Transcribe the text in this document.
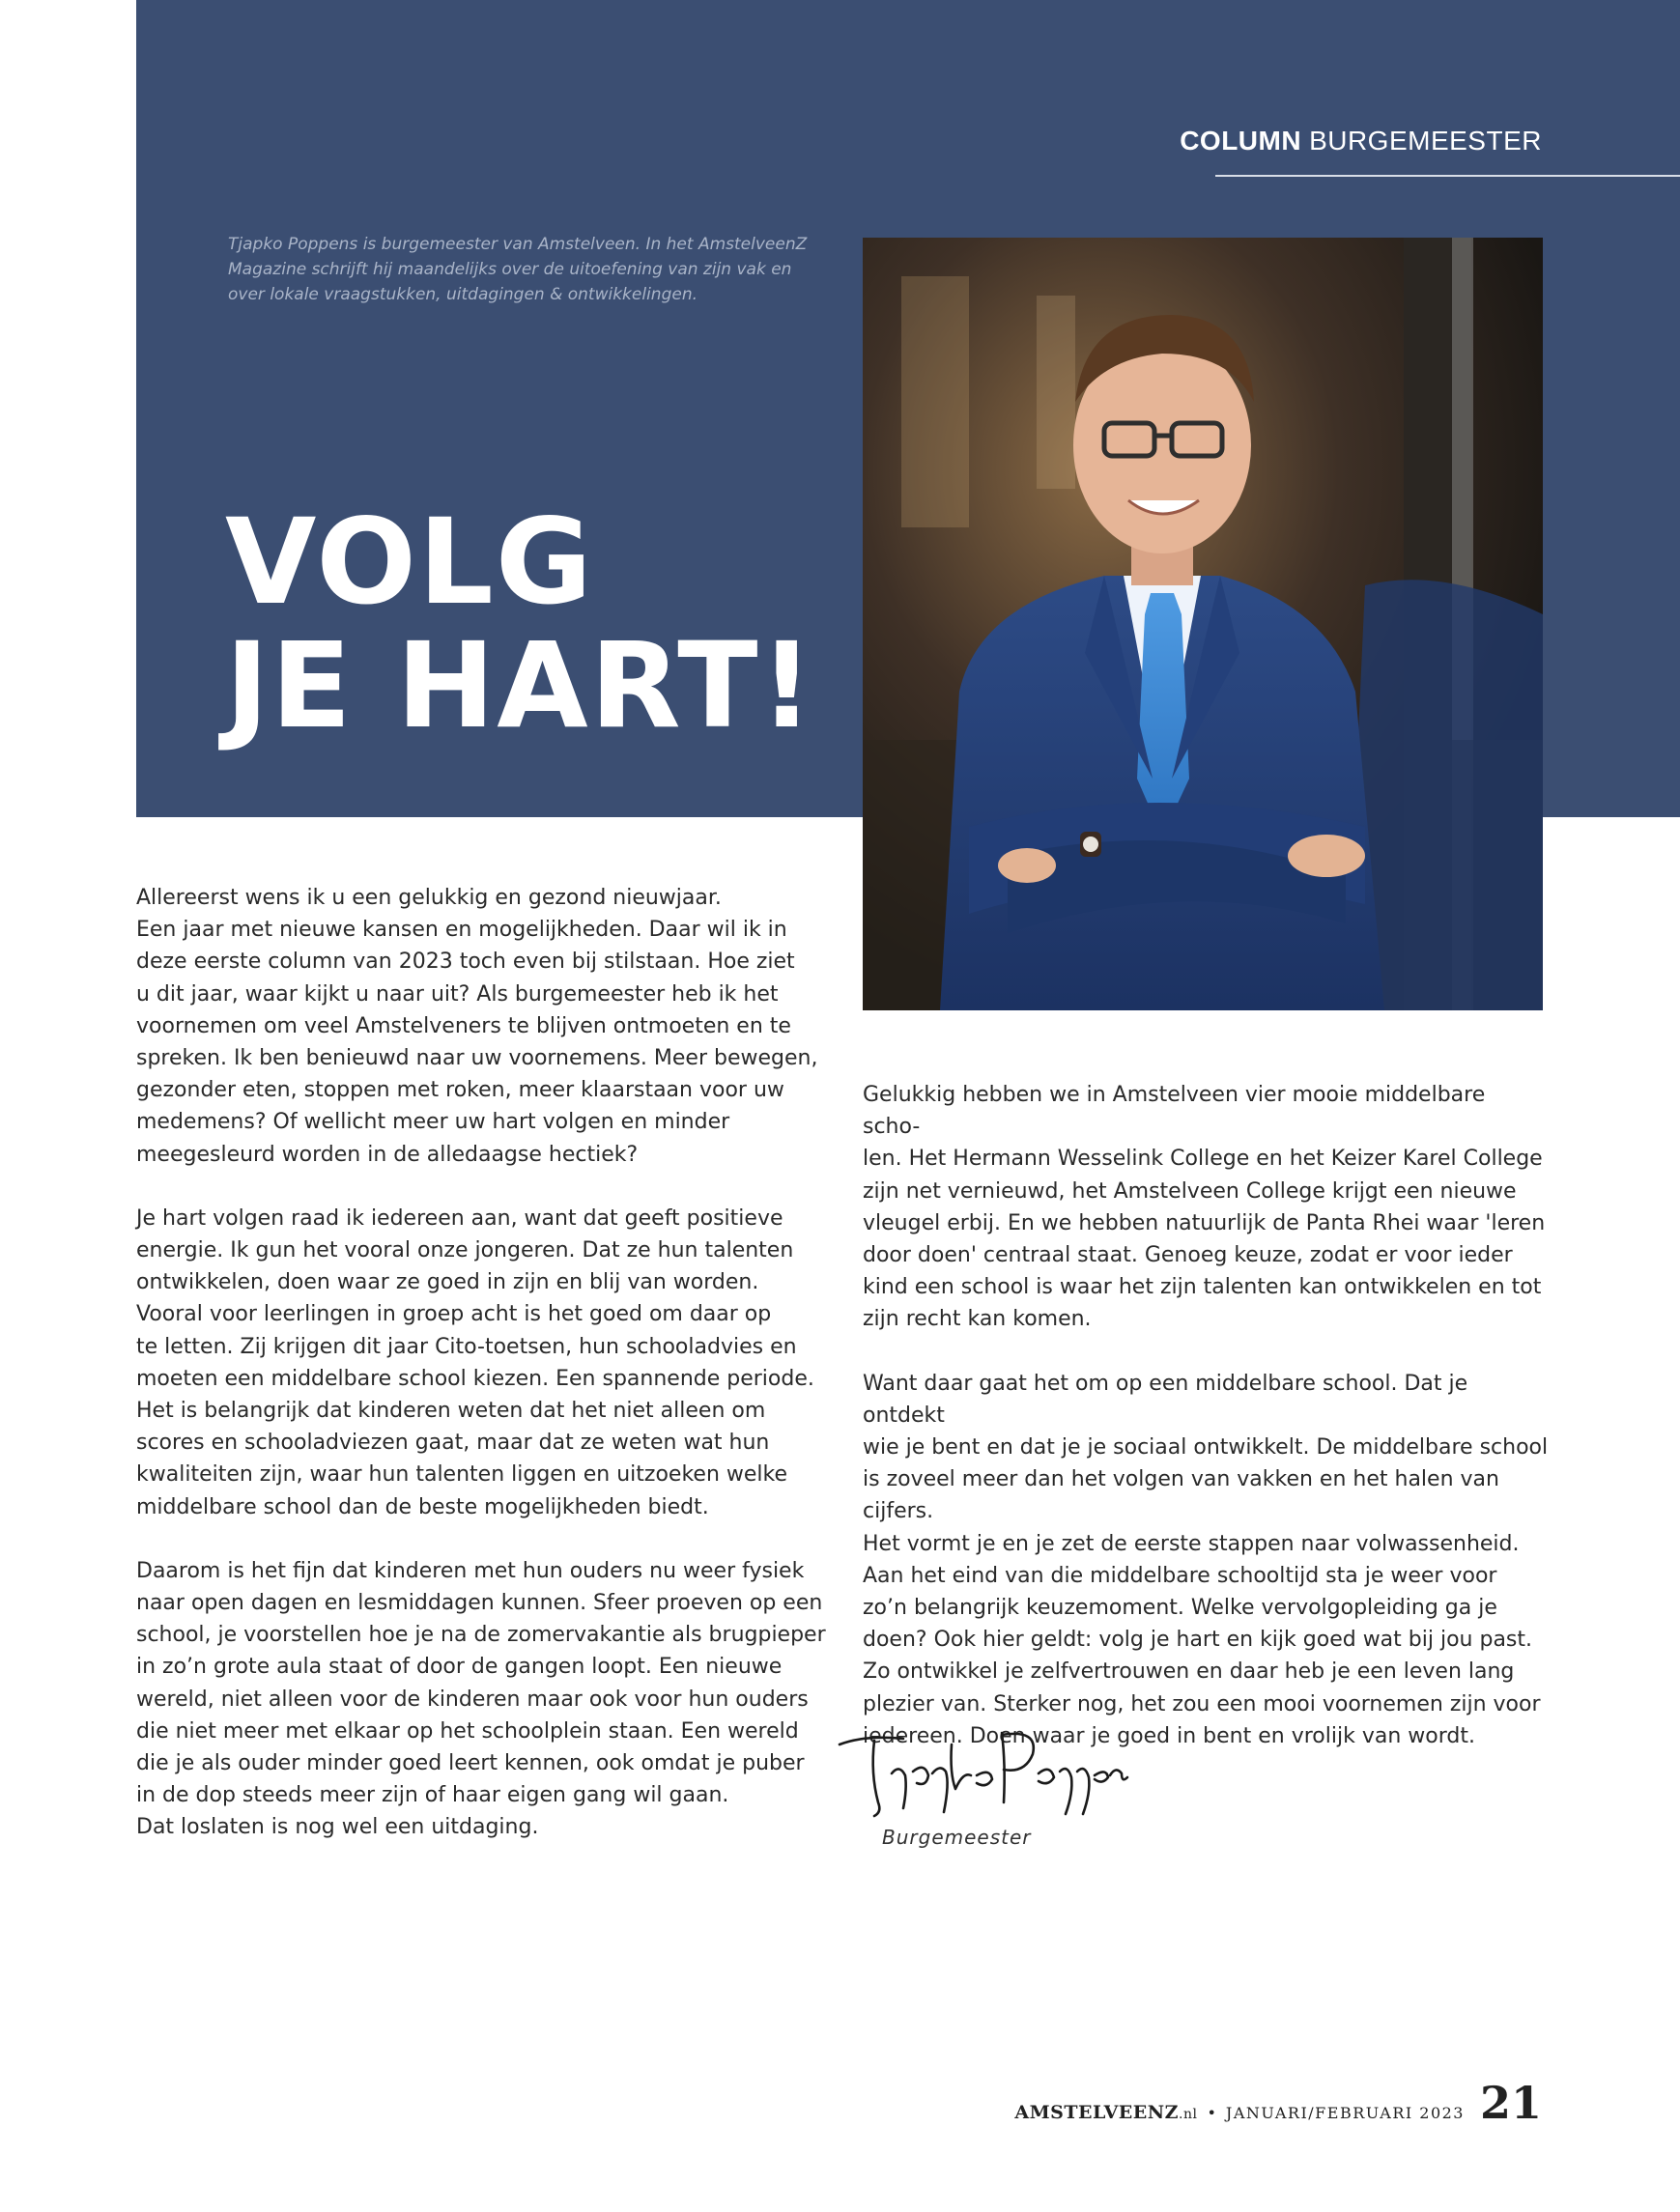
COLUMN BURGEMEESTER
Tjapko Poppens is burgemeester van Amstelveen. In het AmstelveenZ Magazine schrijft hij maandelijks over de uitoefening van zijn vak en over lokale vraagstukken, uitdagingen & ontwikkelingen.
VOLG
JE HART!

Allereerst wens ik u een gelukkig en gezond nieuwjaar.
Een jaar met nieuwe kansen en mogelijkheden. Daar wil ik in
deze eerste column van 2023 toch even bij stilstaan. Hoe ziet
u dit jaar, waar kijkt u naar uit? Als burgemeester heb ik het
voornemen om veel Amstelveners te blijven ontmoeten en te
spreken. Ik ben benieuwd naar uw voornemens. Meer bewegen,
gezonder eten, stoppen met roken, meer klaarstaan voor uw
medemens? Of wellicht meer uw hart volgen en minder
meegesleurd worden in de alledaagse hectiek?

Je hart volgen raad ik iedereen aan, want dat geeft positieve
energie. Ik gun het vooral onze jongeren. Dat ze hun talenten
ontwikkelen, doen waar ze goed in zijn en blij van worden.
Vooral voor leerlingen in groep acht is het goed om daar op
te letten. Zij krijgen dit jaar Cito-toetsen, hun schooladvies en
moeten een middelbare school kiezen. Een spannende periode.
Het is belangrijk dat kinderen weten dat het niet alleen om
scores en schooladviezen gaat, maar dat ze weten wat hun
kwaliteiten zijn, waar hun talenten liggen en uitzoeken welke
middelbare school dan de beste mogelijkheden biedt.

Daarom is het fijn dat kinderen met hun ouders nu weer fysiek
naar open dagen en lesmiddagen kunnen. Sfeer proeven op een
school, je voorstellen hoe je na de zomervakantie als brugpieper
in zo’n grote aula staat of door de gangen loopt. Een nieuwe
wereld, niet alleen voor de kinderen maar ook voor hun ouders
die niet meer met elkaar op het schoolplein staan. Een wereld
die je als ouder minder goed leert kennen, ook omdat je puber
in de dop steeds meer zijn of haar eigen gang wil gaan.
Dat loslaten is nog wel een uitdaging.

Gelukkig hebben we in Amstelveen vier mooie middelbare scho-
len. Het Hermann Wesselink College en het Keizer Karel College
zijn net vernieuwd, het Amstelveen College krijgt een nieuwe
vleugel erbij. En we hebben natuurlijk de Panta Rhei waar 'leren
door doen' centraal staat. Genoeg keuze, zodat er voor ieder
kind een school is waar het zijn talenten kan ontwikkelen en tot
zijn recht kan komen.

Want daar gaat het om op een middelbare school. Dat je ontdekt
wie je bent en dat je je sociaal ontwikkelt. De middelbare school
is zoveel meer dan het volgen van vakken en het halen van cijfers.
Het vormt je en je zet de eerste stappen naar volwassenheid.
Aan het eind van die middelbare schooltijd sta je weer voor
zo’n belangrijk keuzemoment. Welke vervolgopleiding ga je
doen? Ook hier geldt: volg je hart en kijk goed wat bij jou past.
Zo ontwikkel je zelfvertrouwen en daar heb je een leven lang
plezier van. Sterker nog, het zou een mooi voornemen zijn voor
iedereen. Doen waar je goed in bent en vrolijk van wordt.

Burgemeester
AMSTELVEENZ.nl • JANUARI/FEBRUARI 2023 21
